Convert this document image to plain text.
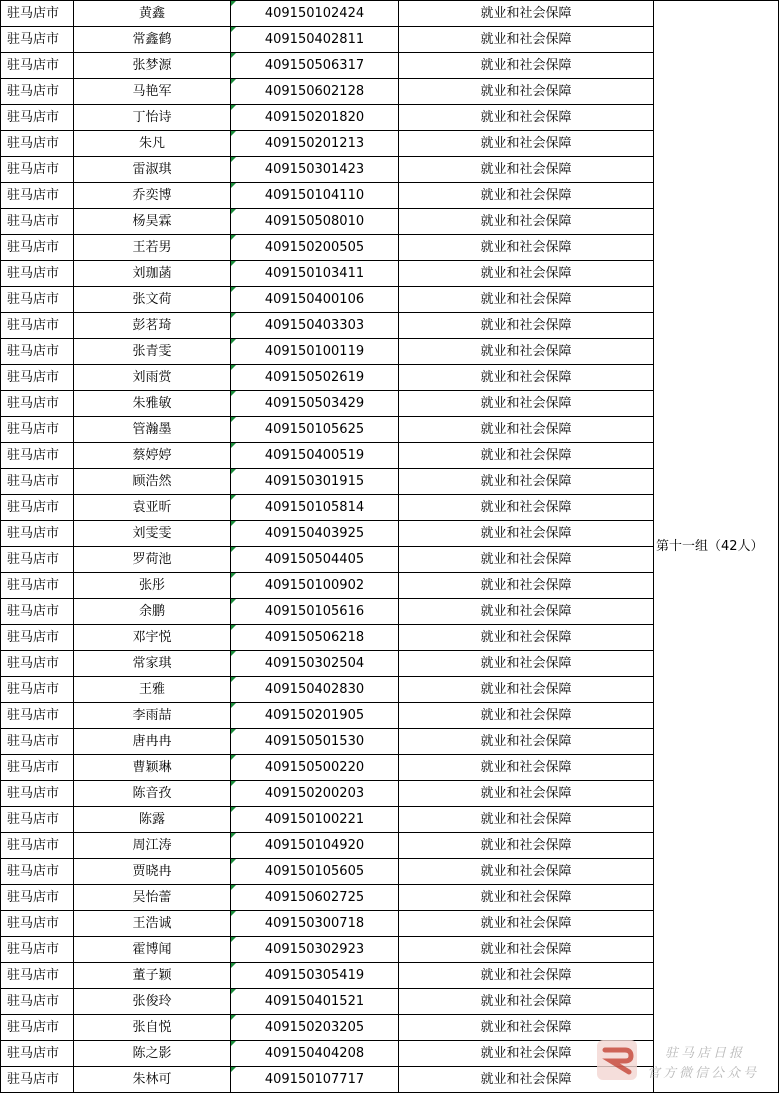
驻马店市	黄鑫	409150102424	就业和社会保障	第十一组（42人）
驻马店市	常鑫鹤	409150402811	就业和社会保障	
驻马店市	张梦源	409150506317	就业和社会保障	
驻马店市	马艳军	409150602128	就业和社会保障	
驻马店市	丁怡诗	409150201820	就业和社会保障	
驻马店市	朱凡	409150201213	就业和社会保障	
驻马店市	雷淑琪	409150301423	就业和社会保障	
驻马店市	乔奕博	409150104110	就业和社会保障	
驻马店市	杨昊霖	409150508010	就业和社会保障	
驻马店市	王若男	409150200505	就业和社会保障	
驻马店市	刘珈菡	409150103411	就业和社会保障	
驻马店市	张文荷	409150400106	就业和社会保障	
驻马店市	彭茗琦	409150403303	就业和社会保障	
驻马店市	张青雯	409150100119	就业和社会保障	
驻马店市	刘雨赏	409150502619	就业和社会保障	
驻马店市	朱雅敏	409150503429	就业和社会保障	
驻马店市	管瀚墨	409150105625	就业和社会保障	
驻马店市	蔡婷婷	409150400519	就业和社会保障	
驻马店市	顾浩然	409150301915	就业和社会保障	
驻马店市	袁亚昕	409150105814	就业和社会保障	
驻马店市	刘雯雯	409150403925	就业和社会保障	
驻马店市	罗荷池	409150504405	就业和社会保障	
驻马店市	张彤	409150100902	就业和社会保障	
驻马店市	余鹏	409150105616	就业和社会保障	
驻马店市	邓宇悦	409150506218	就业和社会保障	
驻马店市	常家琪	409150302504	就业和社会保障	
驻马店市	王雅	409150402830	就业和社会保障	
驻马店市	李雨喆	409150201905	就业和社会保障	
驻马店市	唐冉冉	409150501530	就业和社会保障	
驻马店市	曹颖琳	409150500220	就业和社会保障	
驻马店市	陈音孜	409150200203	就业和社会保障	
驻马店市	陈露	409150100221	就业和社会保障	
驻马店市	周江涛	409150104920	就业和社会保障	
驻马店市	贾晓冉	409150105605	就业和社会保障	
驻马店市	吴怡蕾	409150602725	就业和社会保障	
驻马店市	王浩诚	409150300718	就业和社会保障	
驻马店市	霍博闻	409150302923	就业和社会保障	
驻马店市	董子颖	409150305419	就业和社会保障	
驻马店市	张俊玲	409150401521	就业和社会保障	
驻马店市	张自悦	409150203205	就业和社会保障	
驻马店市	陈之影	409150404208	就业和社会保障	
驻马店市	朱林可	409150107717	就业和社会保障	
驻马店日报
官方微信公众号
